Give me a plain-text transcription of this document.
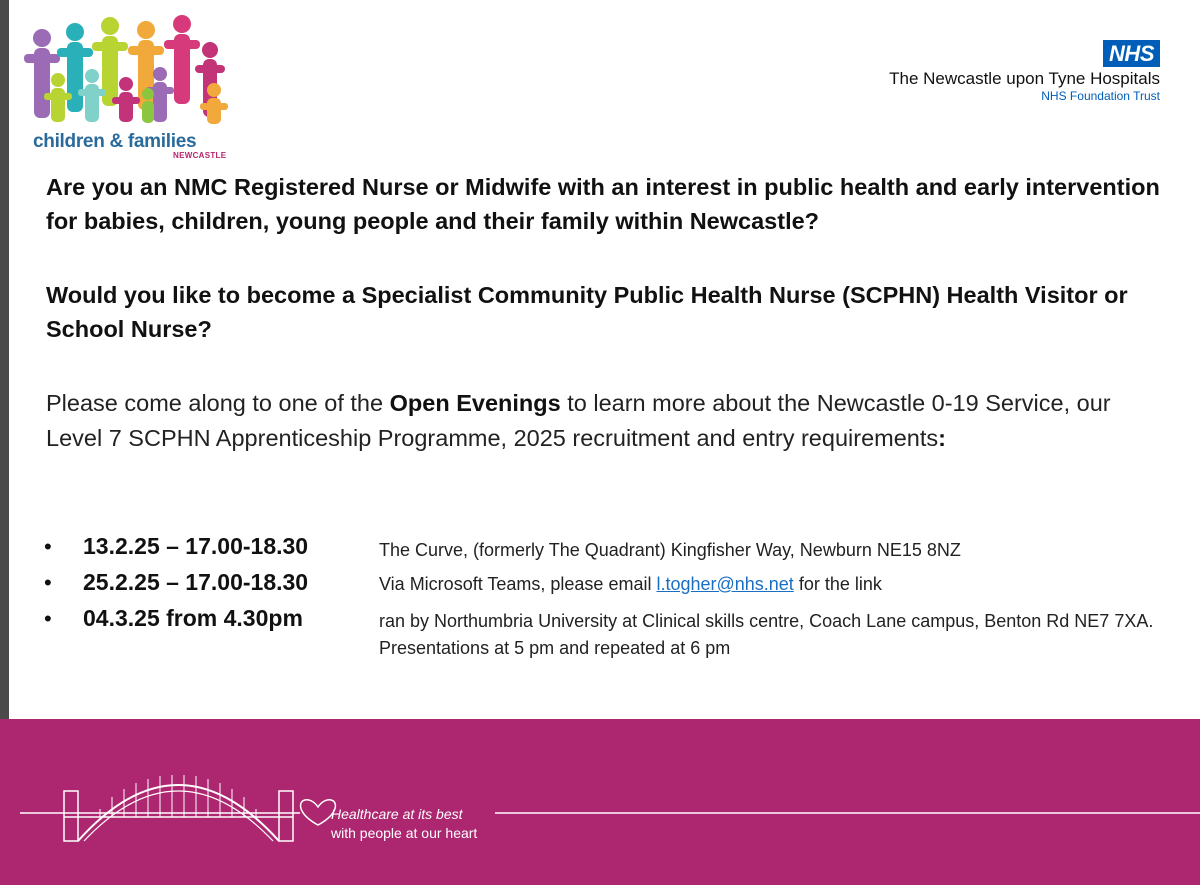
children & families
NEWCASTLE
NHS
The Newcastle upon Tyne Hospitals
NHS Foundation Trust
Are you an NMC Registered Nurse or Midwife with an interest in public health and early intervention for babies, children, young people and their family within Newcastle?
Would you like to become a Specialist Community Public Health Nurse (SCPHN) Health Visitor or School Nurse?
Please come along to one of the Open Evenings to learn more about the Newcastle 0-19 Service, our Level 7 SCPHN Apprenticeship Programme, 2025 recruitment and entry requirements:
• 13.2.25 – 17.00-18.30	The Curve, (formerly The Quadrant) Kingfisher Way, Newburn NE15 8NZ
• 25.2.25 – 17.00-18.30	Via Microsoft Teams, please email l.togher@nhs.net for the link
• 04.3.25 from 4.30pm	ran by Northumbria University at Clinical skills centre, Coach Lane campus, Benton Rd NE7 7XA. Presentations at 5 pm and repeated at 6 pm
Healthcare at its best
with people at our heart
